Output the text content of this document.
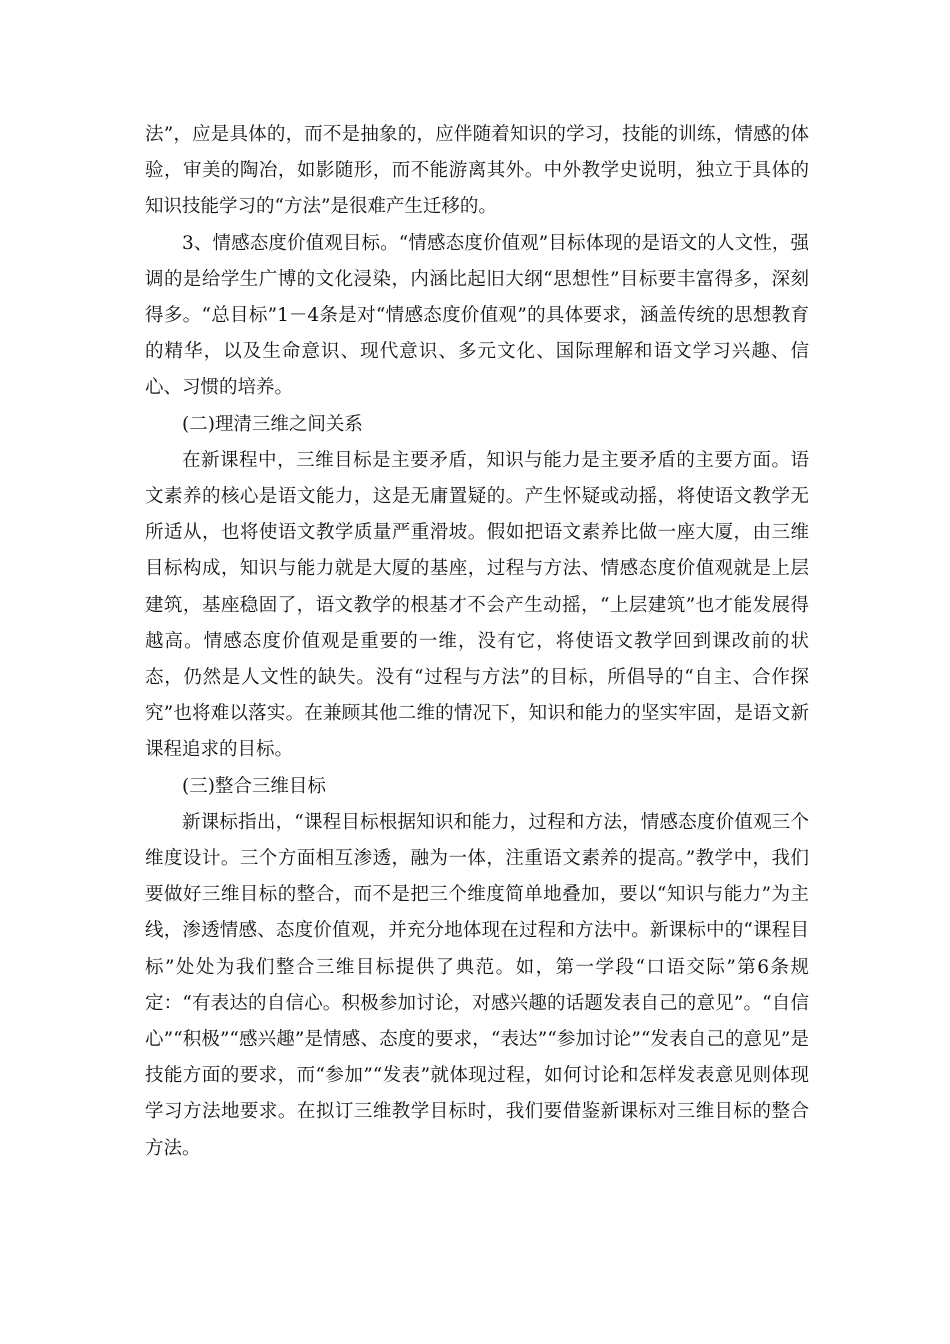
法”，应是具体的，而不是抽象的，应伴随着知识的学习，技能的训练，情感的体验，审美的陶冶，如影随形，而不能游离其外。中外教学史说明，独立于具体的知识技能学习的“方法”是很难产生迁移的。

3、情感态度价值观目标。“情感态度价值观”目标体现的是语文的人文性，强调的是给学生广博的文化浸染，内涵比起旧大纲“思想性”目标要丰富得多，深刻得多。“总目标”1－4条是对“情感态度价值观”的具体要求，涵盖传统的思想教育的精华，以及生命意识、现代意识、多元文化、国际理解和语文学习兴趣、信心、习惯的培养。

(二)理清三维之间关系

在新课程中，三维目标是主要矛盾，知识与能力是主要矛盾的主要方面。语文素养的核心是语文能力，这是无庸置疑的。产生怀疑或动摇，将使语文教学无所适从，也将使语文教学质量严重滑坡。假如把语文素养比做一座大厦，由三维目标构成，知识与能力就是大厦的基座，过程与方法、情感态度价值观就是上层建筑，基座稳固了，语文教学的根基才不会产生动摇，“上层建筑”也才能发展得越高。情感态度价值观是重要的一维，没有它，将使语文教学回到课改前的状态，仍然是人文性的缺失。没有“过程与方法”的目标，所倡导的“自主、合作探究”也将难以落实。在兼顾其他二维的情况下，知识和能力的坚实牢固，是语文新课程追求的目标。

(三)整合三维目标

新课标指出，“课程目标根据知识和能力，过程和方法，情感态度价值观三个维度设计。三个方面相互渗透，融为一体，注重语文素养的提高。”教学中，我们要做好三维目标的整合，而不是把三个维度简单地叠加，要以“知识与能力”为主线，渗透情感、态度价值观，并充分地体现在过程和方法中。新课标中的“课程目标”处处为我们整合三维目标提供了典范。如，第一学段“口语交际”第6条规定：“有表达的自信心。积极参加讨论，对感兴趣的话题发表自己的意见”。“自信心”“积极”“感兴趣”是情感、态度的要求，“表达”“参加讨论”“发表自己的意见”是技能方面的要求，而“参加”“发表”就体现过程，如何讨论和怎样发表意见则体现学习方法地要求。在拟订三维教学目标时，我们要借鉴新课标对三维目标的整合方法。
